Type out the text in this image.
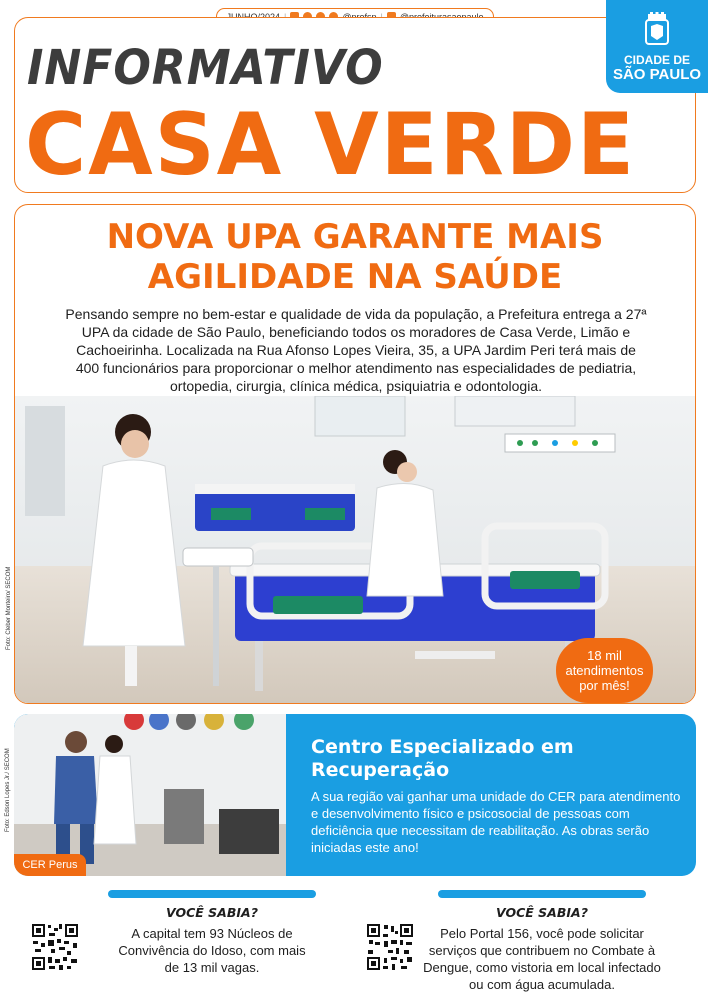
INFORMATIVO
CASA VERDE
CIDADE DE
SÃO PAULO
NOVA UPA GARANTE MAIS
AGILIDADE NA SAÚDE
Pensando sempre no bem-estar e qualidade de vida da população, a Prefeitura entrega a 27ª UPA da cidade de São Paulo, beneficiando todos os moradores de Casa Verde, Limão e Cachoeirinha. Localizada na Rua Afonso Lopes Vieira, 35, a UPA Jardim Peri terá mais de 400 funcionários para proporcionar o melhor atendimento nas especialidades de pediatria, ortopedia, cirurgia, clínica médica, psiquiatria e odontologia.
18 mil atendimentos por mês!
Foto: Cleber Monteiro/ SECOM
CER Perus
Centro Especializado em Recuperação
A sua região vai ganhar uma unidade do CER para atendimento e desenvolvimento físico e psicosocial de pessoas com deficiência que necessitam de reabilitação. As obras serão iniciadas este ano!
Foto: Edson Lopes Jr./ SECOM
VOCÊ SABIA?
A capital tem 93 Núcleos de Convivência do Idoso, com mais de 13 mil vagas.
VOCÊ SABIA?
Pelo Portal 156, você pode solicitar serviços que contribuem no Combate à Dengue, como vistoria em local infectado ou com água acumulada.
